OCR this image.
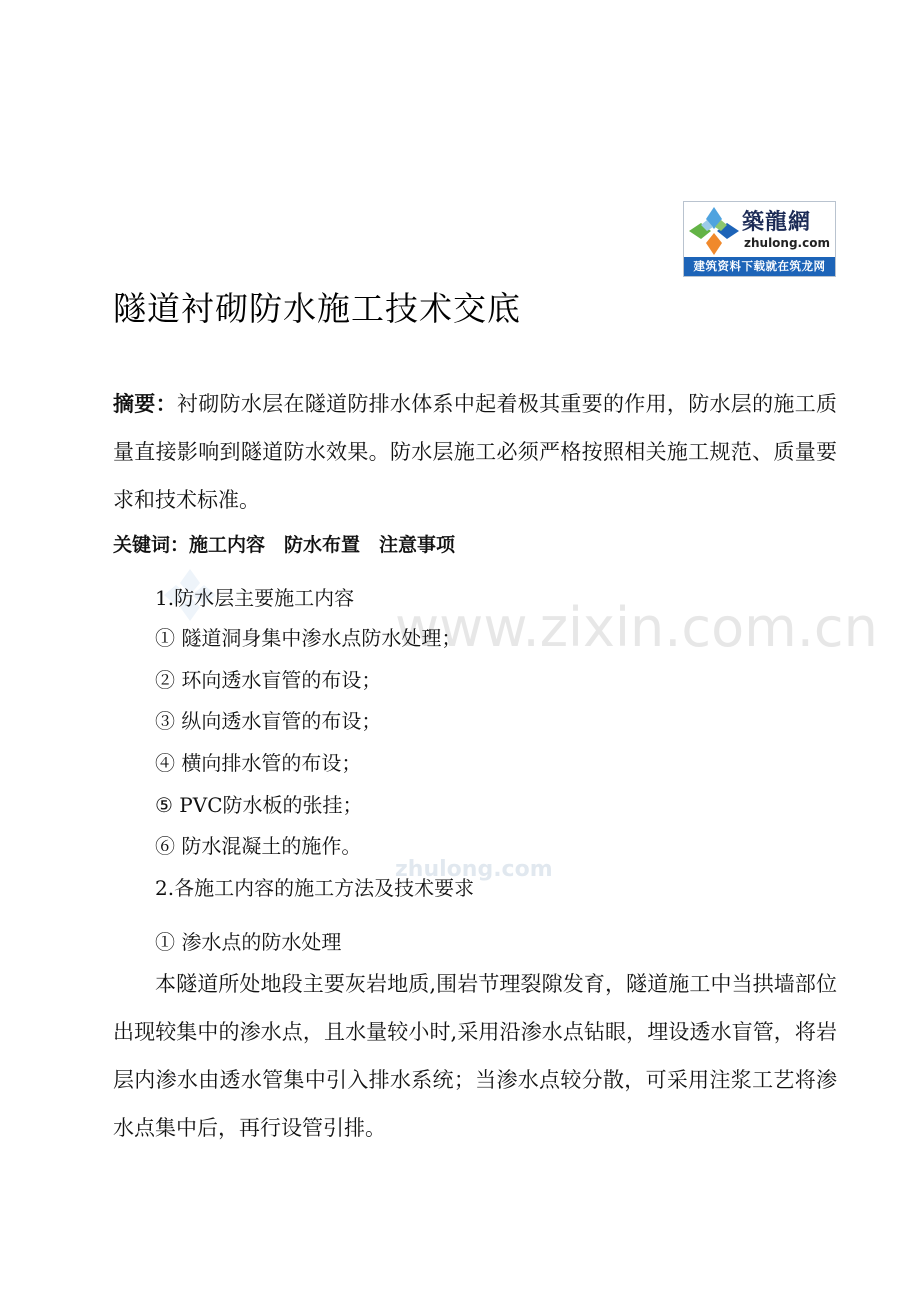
築龍網
zhulong.com
建筑资料下载就在筑龙网
www.zixin.com.cn
zhulong.com
隧道衬砌防水施工技术交底
摘要：衬砌防水层在隧道防排水体系中起着极其重要的作用，防水层的施工质量直接影响到隧道防水效果。防水层施工必须严格按照相关施工规范、质量要求和技术标准。
关键词：施工内容　防水布置　注意事项
1.防水层主要施工内容
① 隧道洞身集中渗水点防水处理；
② 环向透水盲管的布设；
③ 纵向透水盲管的布设；
④ 横向排水管的布设；
⑤ PVC防水板的张挂；
⑥ 防水混凝土的施作。
2.各施工内容的施工方法及技术要求
① 渗水点的防水处理
本隧道所处地段主要灰岩地质,围岩节理裂隙发育，隧道施工中当拱墙部位出现较集中的渗水点，且水量较小时,采用沿渗水点钻眼，埋设透水盲管，将岩层内渗水由透水管集中引入排水系统；当渗水点较分散，可采用注浆工艺将渗水点集中后，再行设管引排。
